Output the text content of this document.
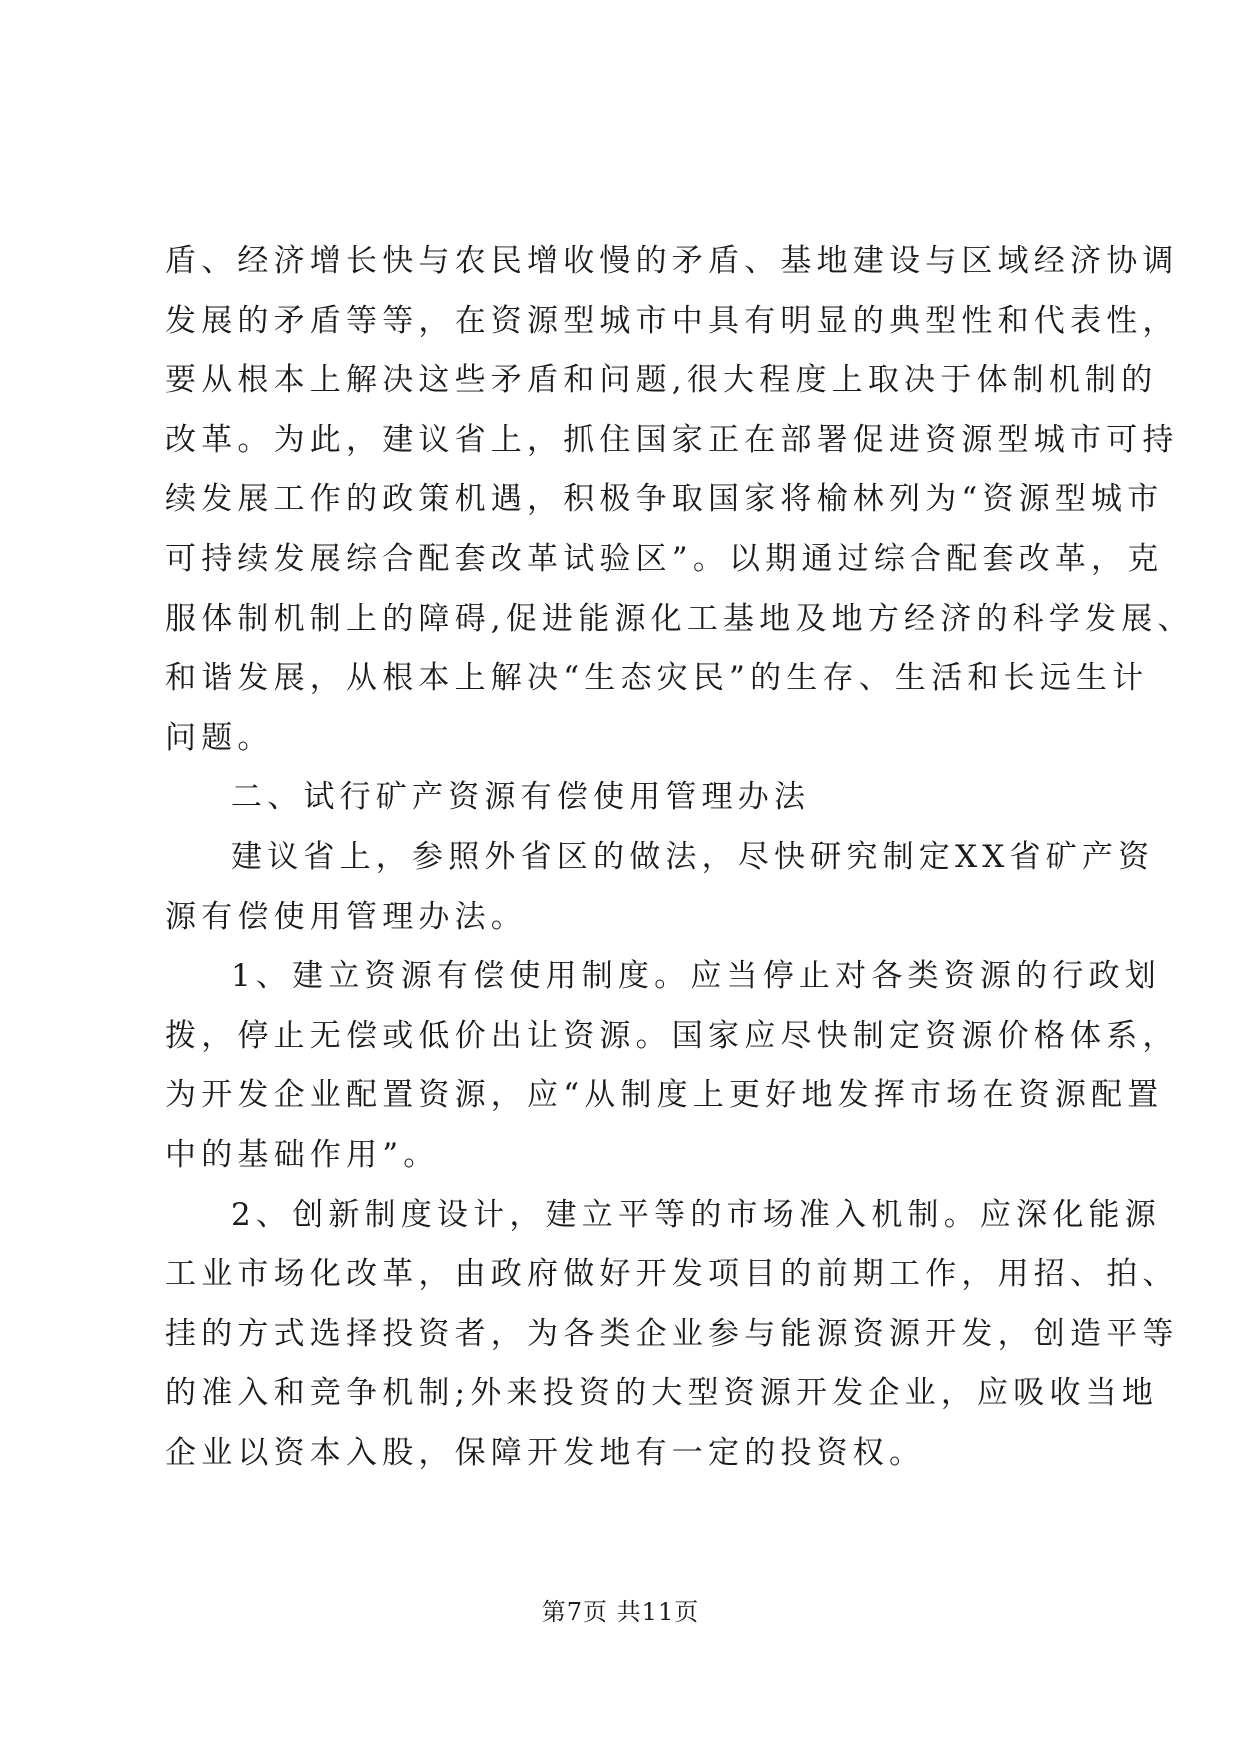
盾、经济增长快与农民增收慢的矛盾、基地建设与区域经济协调
发展的矛盾等等，在资源型城市中具有明显的典型性和代表性，
要从根本上解决这些矛盾和问题,很大程度上取决于体制机制的
改革。为此，建议省上，抓住国家正在部署促进资源型城市可持
续发展工作的政策机遇，积极争取国家将榆林列为“资源型城市
可持续发展综合配套改革试验区”。以期通过综合配套改革，克
服体制机制上的障碍,促进能源化工基地及地方经济的科学发展、
和谐发展，从根本上解决“生态灾民”的生存、生活和长远生计
问题。
二、试行矿产资源有偿使用管理办法
建议省上，参照外省区的做法，尽快研究制定XX省矿产资
源有偿使用管理办法。
1、建立资源有偿使用制度。应当停止对各类资源的行政划
拨，停止无偿或低价出让资源。国家应尽快制定资源价格体系，
为开发企业配置资源，应“从制度上更好地发挥市场在资源配置
中的基础作用”。
2、创新制度设计，建立平等的市场准入机制。应深化能源
工业市场化改革，由政府做好开发项目的前期工作，用招、拍、
挂的方式选择投资者，为各类企业参与能源资源开发，创造平等
的准入和竞争机制;外来投资的大型资源开发企业，应吸收当地
企业以资本入股，保障开发地有一定的投资权。
第7页 共11页
